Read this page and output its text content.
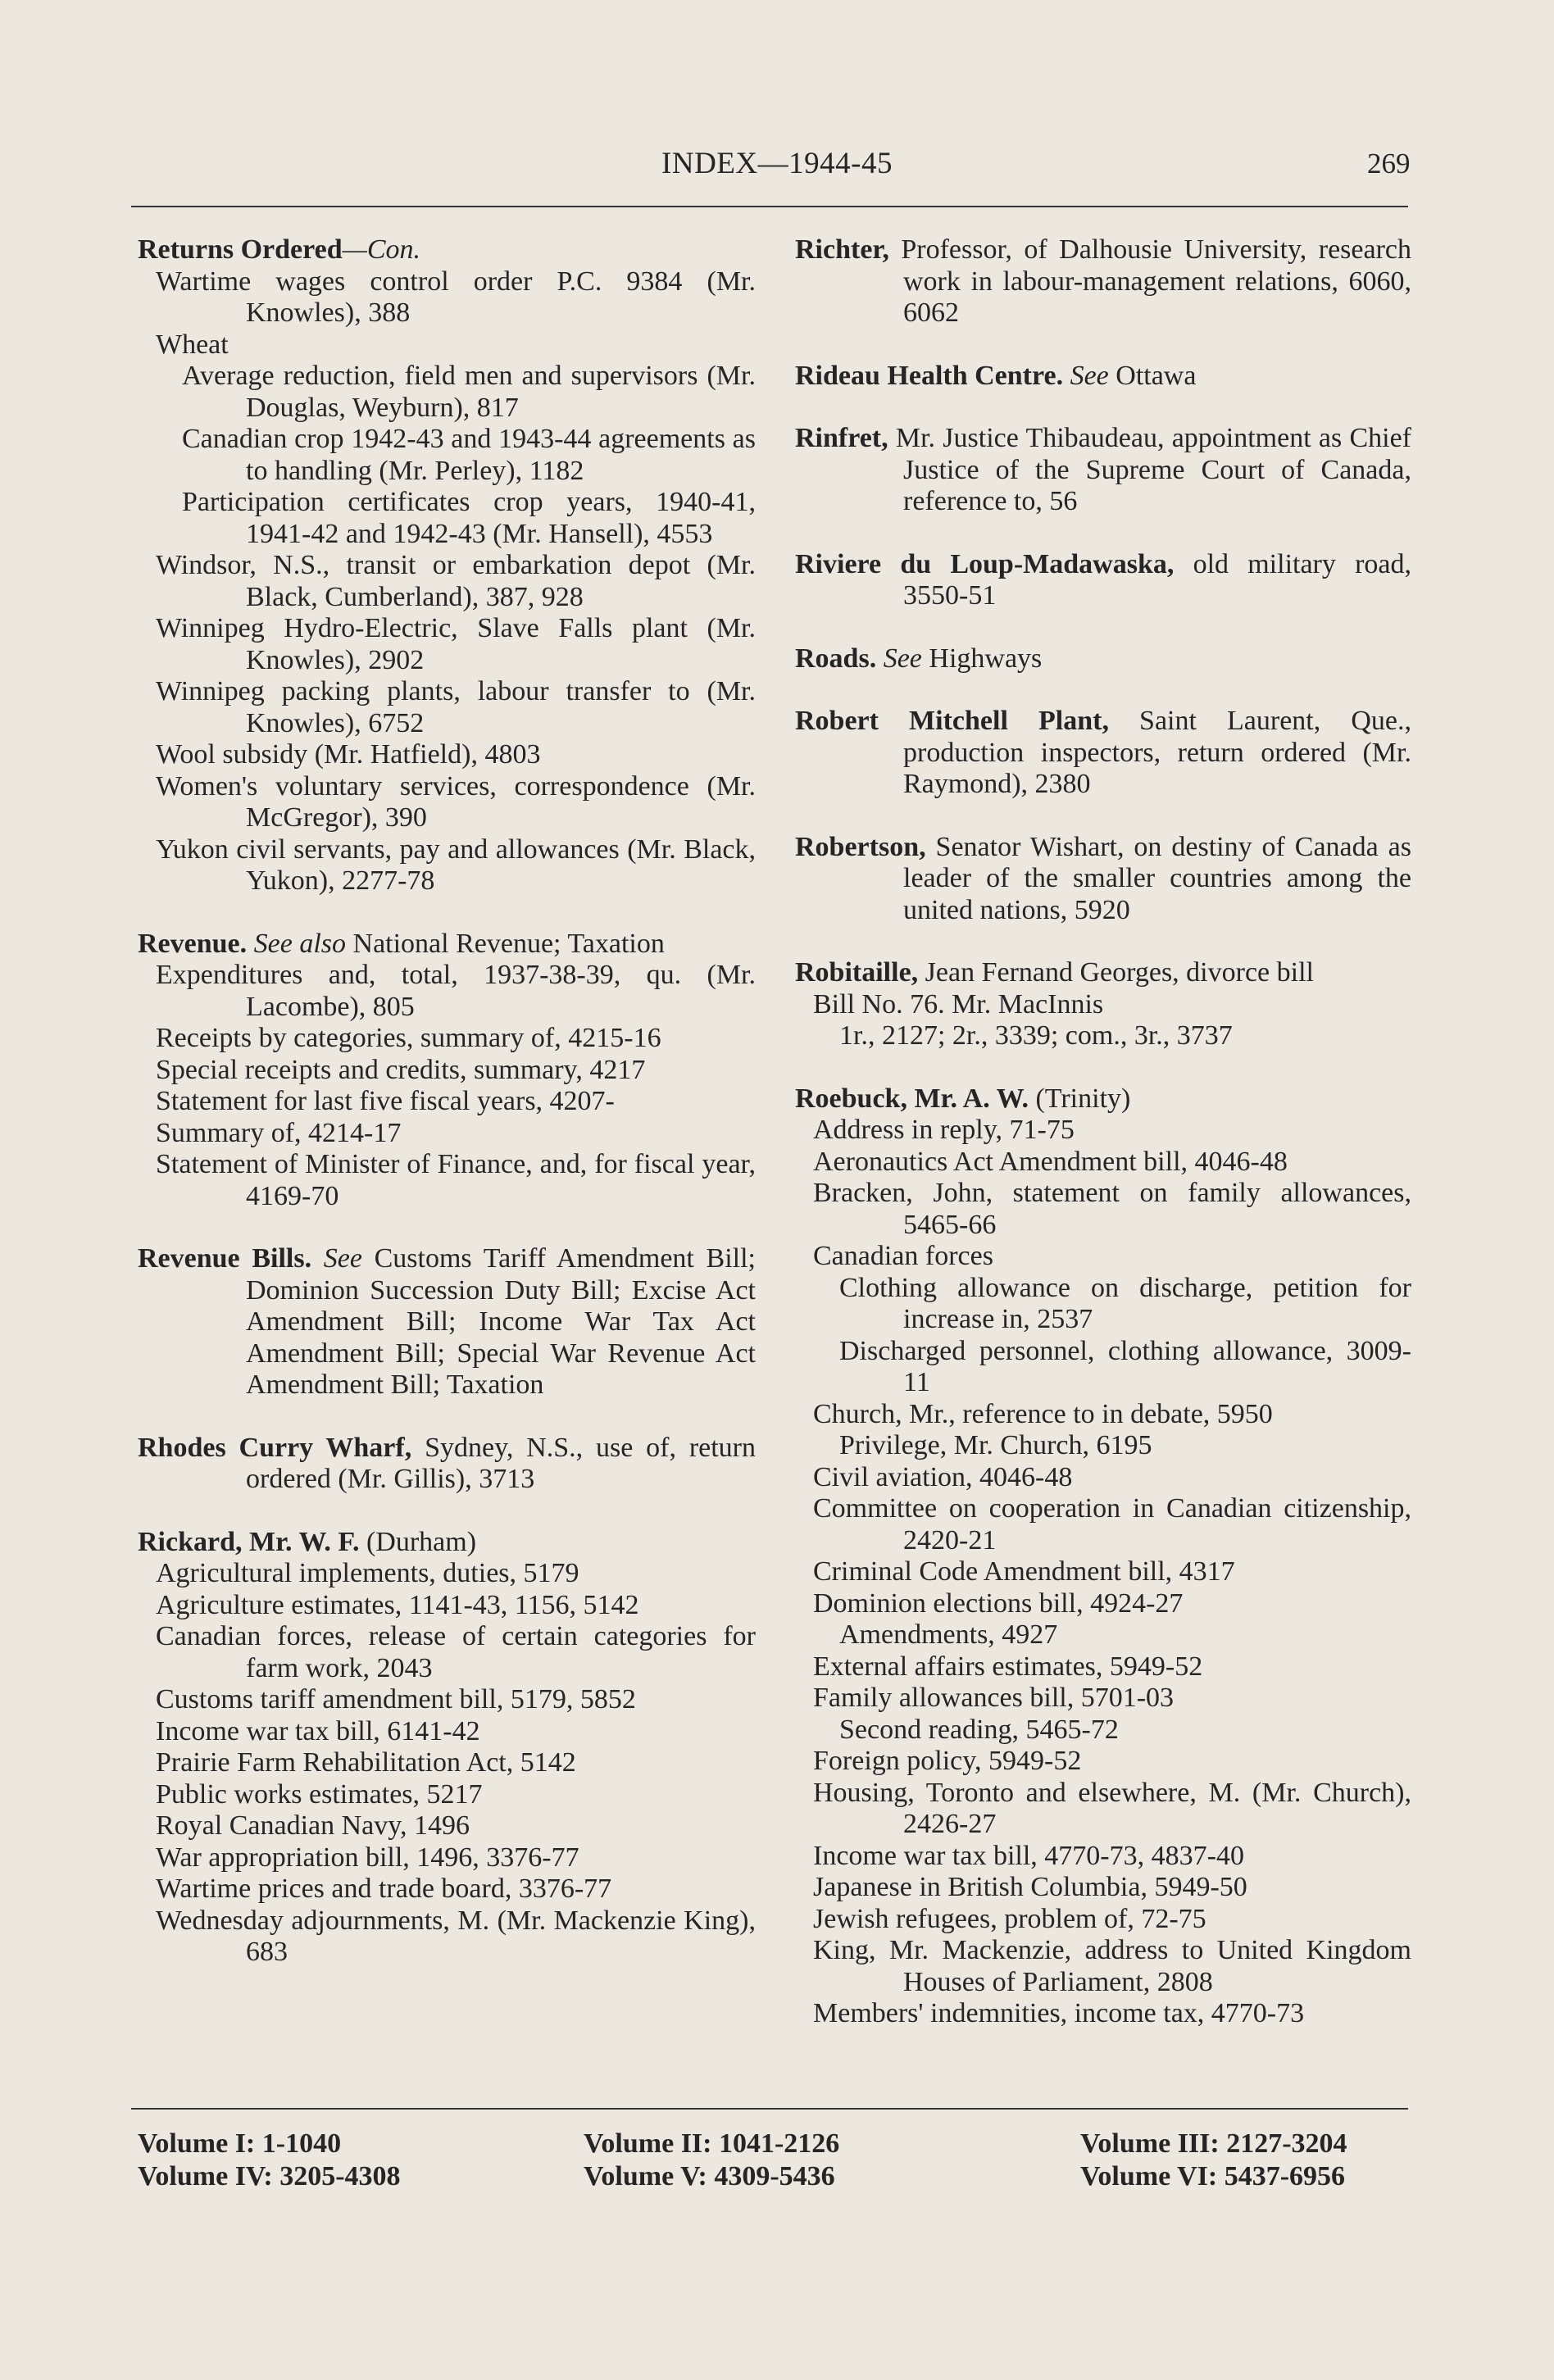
INDEX—1944-45	269
Returns Ordered—Con.
Wartime wages control order P.C. 9384 (Mr. Knowles), 388
Wheat
Average reduction, field men and supervisors (Mr. Douglas, Weyburn), 817
Canadian crop 1942-43 and 1943-44 agreements as to handling (Mr. Perley), 1182
Participation certificates crop years, 1940-41, 1941-42 and 1942-43 (Mr. Hansell), 4553
Windsor, N.S., transit or embarkation depot (Mr. Black, Cumberland), 387, 928
Winnipeg Hydro-Electric, Slave Falls plant (Mr. Knowles), 2902
Winnipeg packing plants, labour transfer to (Mr. Knowles), 6752
Wool subsidy (Mr. Hatfield), 4803
Women's voluntary services, correspondence (Mr. McGregor), 390
Yukon civil servants, pay and allowances (Mr. Black, Yukon), 2277-78
Revenue. See also National Revenue; Taxation
Expenditures and, total, 1937-38-39, qu. (Mr. Lacombe), 805
Receipts by categories, summary of, 4215-16
Special receipts and credits, summary, 4217
Statement for last five fiscal years, 4207-
Summary of, 4214-17
Statement of Minister of Finance, and, for fiscal year, 4169-70
Revenue Bills. See Customs Tariff Amendment Bill; Dominion Succession Duty Bill; Excise Act Amendment Bill; Income War Tax Act Amendment Bill; Special War Revenue Act Amendment Bill; Taxation
Rhodes Curry Wharf, Sydney, N.S., use of, return ordered (Mr. Gillis), 3713
Rickard, Mr. W. F. (Durham)
Agricultural implements, duties, 5179
Agriculture estimates, 1141-43, 1156, 5142
Canadian forces, release of certain categories for farm work, 2043
Customs tariff amendment bill, 5179, 5852
Income war tax bill, 6141-42
Prairie Farm Rehabilitation Act, 5142
Public works estimates, 5217
Royal Canadian Navy, 1496
War appropriation bill, 1496, 3376-77
Wartime prices and trade board, 3376-77
Wednesday adjournments, M. (Mr. Mackenzie King), 683
Richter, Professor, of Dalhousie University, research work in labour-management relations, 6060, 6062
Rideau Health Centre. See Ottawa
Rinfret, Mr. Justice Thibaudeau, appointment as Chief Justice of the Supreme Court of Canada, reference to, 56
Riviere du Loup-Madawaska, old military road, 3550-51
Roads. See Highways
Robert Mitchell Plant, Saint Laurent, Que., production inspectors, return ordered (Mr. Raymond), 2380
Robertson, Senator Wishart, on destiny of Canada as leader of the smaller countries among the united nations, 5920
Robitaille, Jean Fernand Georges, divorce bill
Bill No. 76. Mr. MacInnis
1r., 2127; 2r., 3339; com., 3r., 3737
Roebuck, Mr. A. W. (Trinity)
Address in reply, 71-75
Aeronautics Act Amendment bill, 4046-48
Bracken, John, statement on family allowances, 5465-66
Canadian forces
Clothing allowance on discharge, petition for increase in, 2537
Discharged personnel, clothing allowance, 3009-11
Church, Mr., reference to in debate, 5950
Privilege, Mr. Church, 6195
Civil aviation, 4046-48
Committee on cooperation in Canadian citizenship, 2420-21
Criminal Code Amendment bill, 4317
Dominion elections bill, 4924-27
Amendments, 4927
External affairs estimates, 5949-52
Family allowances bill, 5701-03
Second reading, 5465-72
Foreign policy, 5949-52
Housing, Toronto and elsewhere, M. (Mr. Church), 2426-27
Income war tax bill, 4770-73, 4837-40
Japanese in British Columbia, 5949-50
Jewish refugees, problem of, 72-75
King, Mr. Mackenzie, address to United Kingdom Houses of Parliament, 2808
Members' indemnities, income tax, 4770-73
Volume I: 1-1040
Volume IV: 3205-4308
Volume II: 1041-2126
Volume V: 4309-5436
Volume III: 2127-3204
Volume VI: 5437-6956
